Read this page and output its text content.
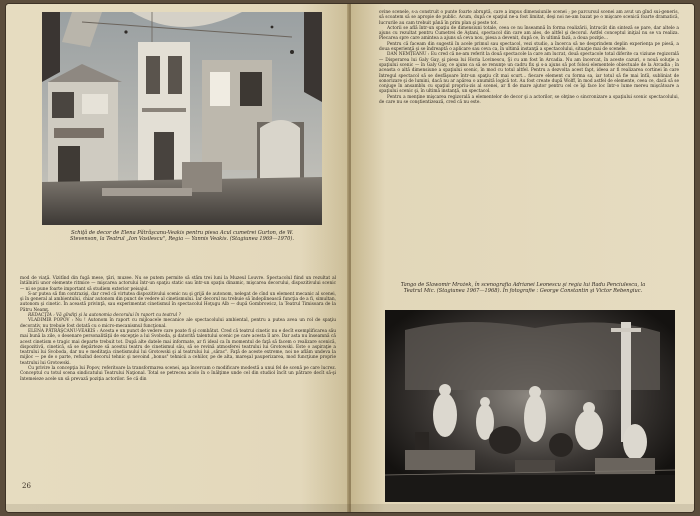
Schiţă de decor de Elena Pătrăşcanu-Veakis pentru piesa Acul cumetrei Gurton, de W. Stevenson, la Teatrul „Ion Vasilescu", Regia — Yannis Veakis. (Stagiunea 1969—1970).

mod de viaţă. Vizitînd din fugă mese, ţări, muzee. Nu se putem permite să stăm trei luni la Muzeul Louvre. Spectacolul fiind un rezultat al întâlnirii unor elemente ritmice — mişcarea actorului într-un spaţiu static sau într-un spaţiu dinamic, mişcarea decorului, dispozitivului scenic — ni se pune foarte important să studiem exterior peisajul.

S-ar putea să fim contrazişi, dar cred că virtutea dispozitivului scenic nu şi grijă de autonom, nelegat de cînd un element mecanic al scenei, şi în general al ambientului, chiar autonom din punct de vedere al cinetismului. Iar decorul nu trebuie să îndeplinească funcţia de a fi, simultan, autonom şi cinetic. În această privinţă, sau experimentat cinetismul în spectacolul Hoţugu Alb — după Gombrowicz, la Teatrul Timisoara de la Pătru Neamţ.

REDACŢIA : Vă gîndiţi şi la autonomia decorului în raport cu teatrul ?

VLADIMIR POPOV : Nu ! Autonom în raport cu mijloacele mecanice ale spectacolului ambiental, pentru a putea avea un rol de spaţiu decorativ, nu trebuie fost dotată cu o micro-mecanismul funcţional.

ELENA PĂTRĂŞCANU-VEAKIS : Acesta e un punct de vedere care poate fi şi combătut. Cred că teatrul cinetic nu e decît exemplificarea său mai bună la zile, o desenare personalităţii de excepţie a lui Svoboda, şi datorită talentului scenic pe care acesta îl are. Dar asta nu înseamnă că acest cinetism e tragic mai departe trebuit tot. După alte datele mai informate, ar fi ideal ca în momentul de faţă să facem o realizare scenică, dispozitivă, cinetică, să se depărteze să acestui teatru de cinetismul său, să se revină atmosferei teatrului lui Grotowski. Este o aspiraţie a teatrului lui Svoboda, dar nu e meditaţia cinetismului lui Grotowski şi al teatrului lui „sărac". Faţă de aceste extreme, noi ne aflăm undeva la mijloc — pe de o parte, refuzînd decorul tehnic şi nevoind „bonus" tehnicii a cehilor, pe de alta, mareşal pauperizarea, mod funcţiune proprie teatrului lui Grotowski.

Cu privire la concepţia lui Popov, referitoare la transformarea scenei, aşa încercam o modificare modestă a unui fel de scenă pe care lucrez. Conceptul cu totul scena sindicatului Teatrului Naţional. Total se petrecea acolo în o înălţime unde cel din studiol încît un pătrare decît să-şi întemeieze acele un să prevază poziţia actorilor. Se că din

26

ovine scenele, s-a construit o punte foarte abruptă, care a impus dimensiunile scenei ; pe parcursul scenei am avut un gînd sui-generis, să scoatem să se apropie de public. Acum, după ce spaţiul ne-a fost limitat, deşi noi ne-am bazat pe o mişcare scenică foarte dramatică, lucrurile au cam trebuit până în prim plan şi peste tot.

Actorii se află într-un spaţiu de dimensiuni totale, ceea ce nu înseamnă în forma realizării, întrucât din sinteză se pare, dar altele a ajuns cu rezultat pentru Cumetrei de Aştani, spectacol din care am ales, de altfel şi decorul. Astfel conceptul iniţial nu se va realiza. Plecarea spre care amintea a ajuns să ceva nou, piesa a devenit, după ce, în ultimă fază, a doua poziţie...

Pentru că faceam din sugestii în acele primul sau spectacol, vezi studio, a încerca să ne desprindem deplin experienţa pe piesă, a doua experienţă şi se îndreaptă o aplicare sau ceva ca, în ultimă instanţă a spectacolului, situaţie mai de scenele.

DAN NEMȚEANU : Eu cred că ne-am referit la două spectacole la care am lucrat, două spectacole total diferite ca viziune regizorală — Disperarea lui Galy Gay, şi piesa lui Horia Lovinescu, Şi cu am fost în Arcadia. Nu am încercat, în aceste cazuri, o nouă soluţie a spaţiului scenic — în Galy Gay, ce ajuns ca să se renunţe un cadru fix şi s-a ajuns să pot folosi elementele obiectuale de la Arcadia ; în aceasta o altă dimensiune a spaţiului scenic, în mod cu totul altfel. Pentru a dezvolta acest fapt, ideea ar fi realizarea cortinei în care întregul spectacol să se desfăşoare într-un spaţiu cît mai scurt... fiecare element cu forma sa, iar totul să fie mai întîi, subliniat de sonorizare şi de lumini, dacă nu ar apărea o anumită logică tot. Au fost create după Wolff, în mod astfel de elemente, ceea ce, dacă să se conjuge în ansamblu cu spaţiul propriu-zis al scenei, ar fi de mare ajutor pentru cel ce îşi face loc într-o lume mereu mişcătoare a spaţiului scenic şi, în ultimă instanţă, un spectacol.

Pentru a menţine mişcarea regizorală a elementelor de decor şi a actorilor, se obţine o sincronizare a spaţiului scenic spectacolului, de care nu se conştientizează, cred că nu este.

Tango de Slawomir Mrożek, în scenografia Adrianei Leonescu şi regia lui Radu Penciulescu, la Teatrul Mic. (Stagiunea 1967—1968). În fotografie : George Constantin şi Victor Rebengiuc.
